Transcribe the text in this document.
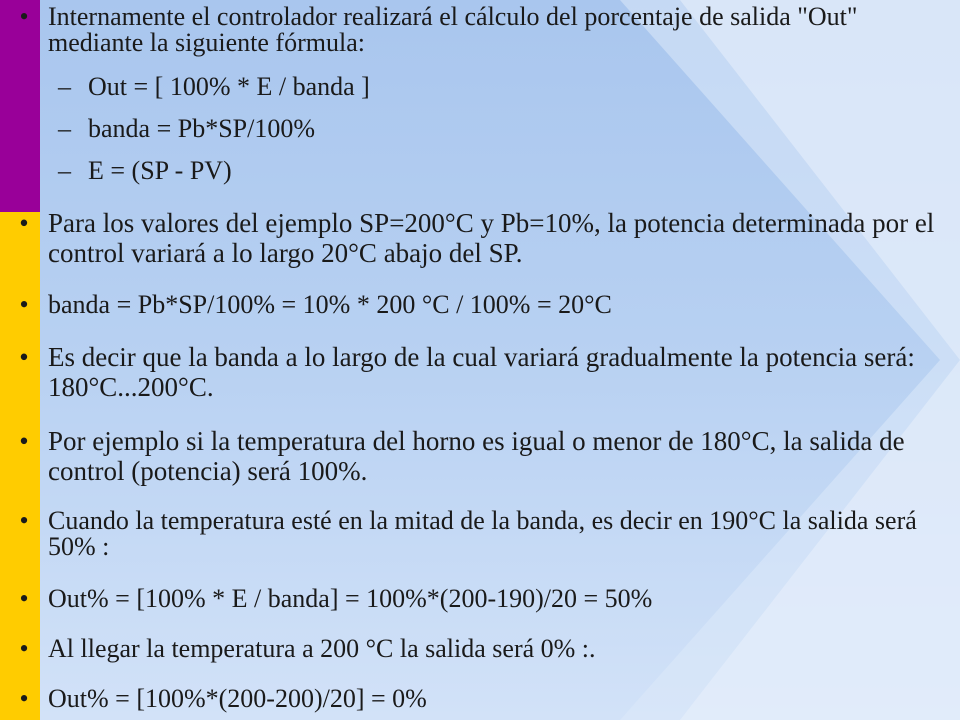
• Internamente el controlador realizará el cálculo del porcentaje de salida "Out" mediante la siguiente fórmula:

– Out = [ 100% * E / banda ]

– banda = Pb*SP/100%

– E = (SP - PV)

• Para los valores del ejemplo SP=200°C y Pb=10%, la potencia determinada por el control variará a lo largo 20°C abajo del SP.

• banda = Pb*SP/100% = 10% * 200 °C / 100% = 20°C

• Es decir que la banda a lo largo de la cual variará gradualmente la potencia será: 180°C...200°C.

• Por ejemplo si la temperatura del horno es igual o menor de 180°C, la salida de control (potencia) será 100%.

• Cuando la temperatura esté en la mitad de la banda, es decir en 190°C la salida será 50% :

• Out% = [100% * E / banda] = 100%*(200-190)/20 = 50%

• Al llegar la temperatura a 200 °C la salida será 0% :.

• Out% = [100%*(200-200)/20] = 0%
